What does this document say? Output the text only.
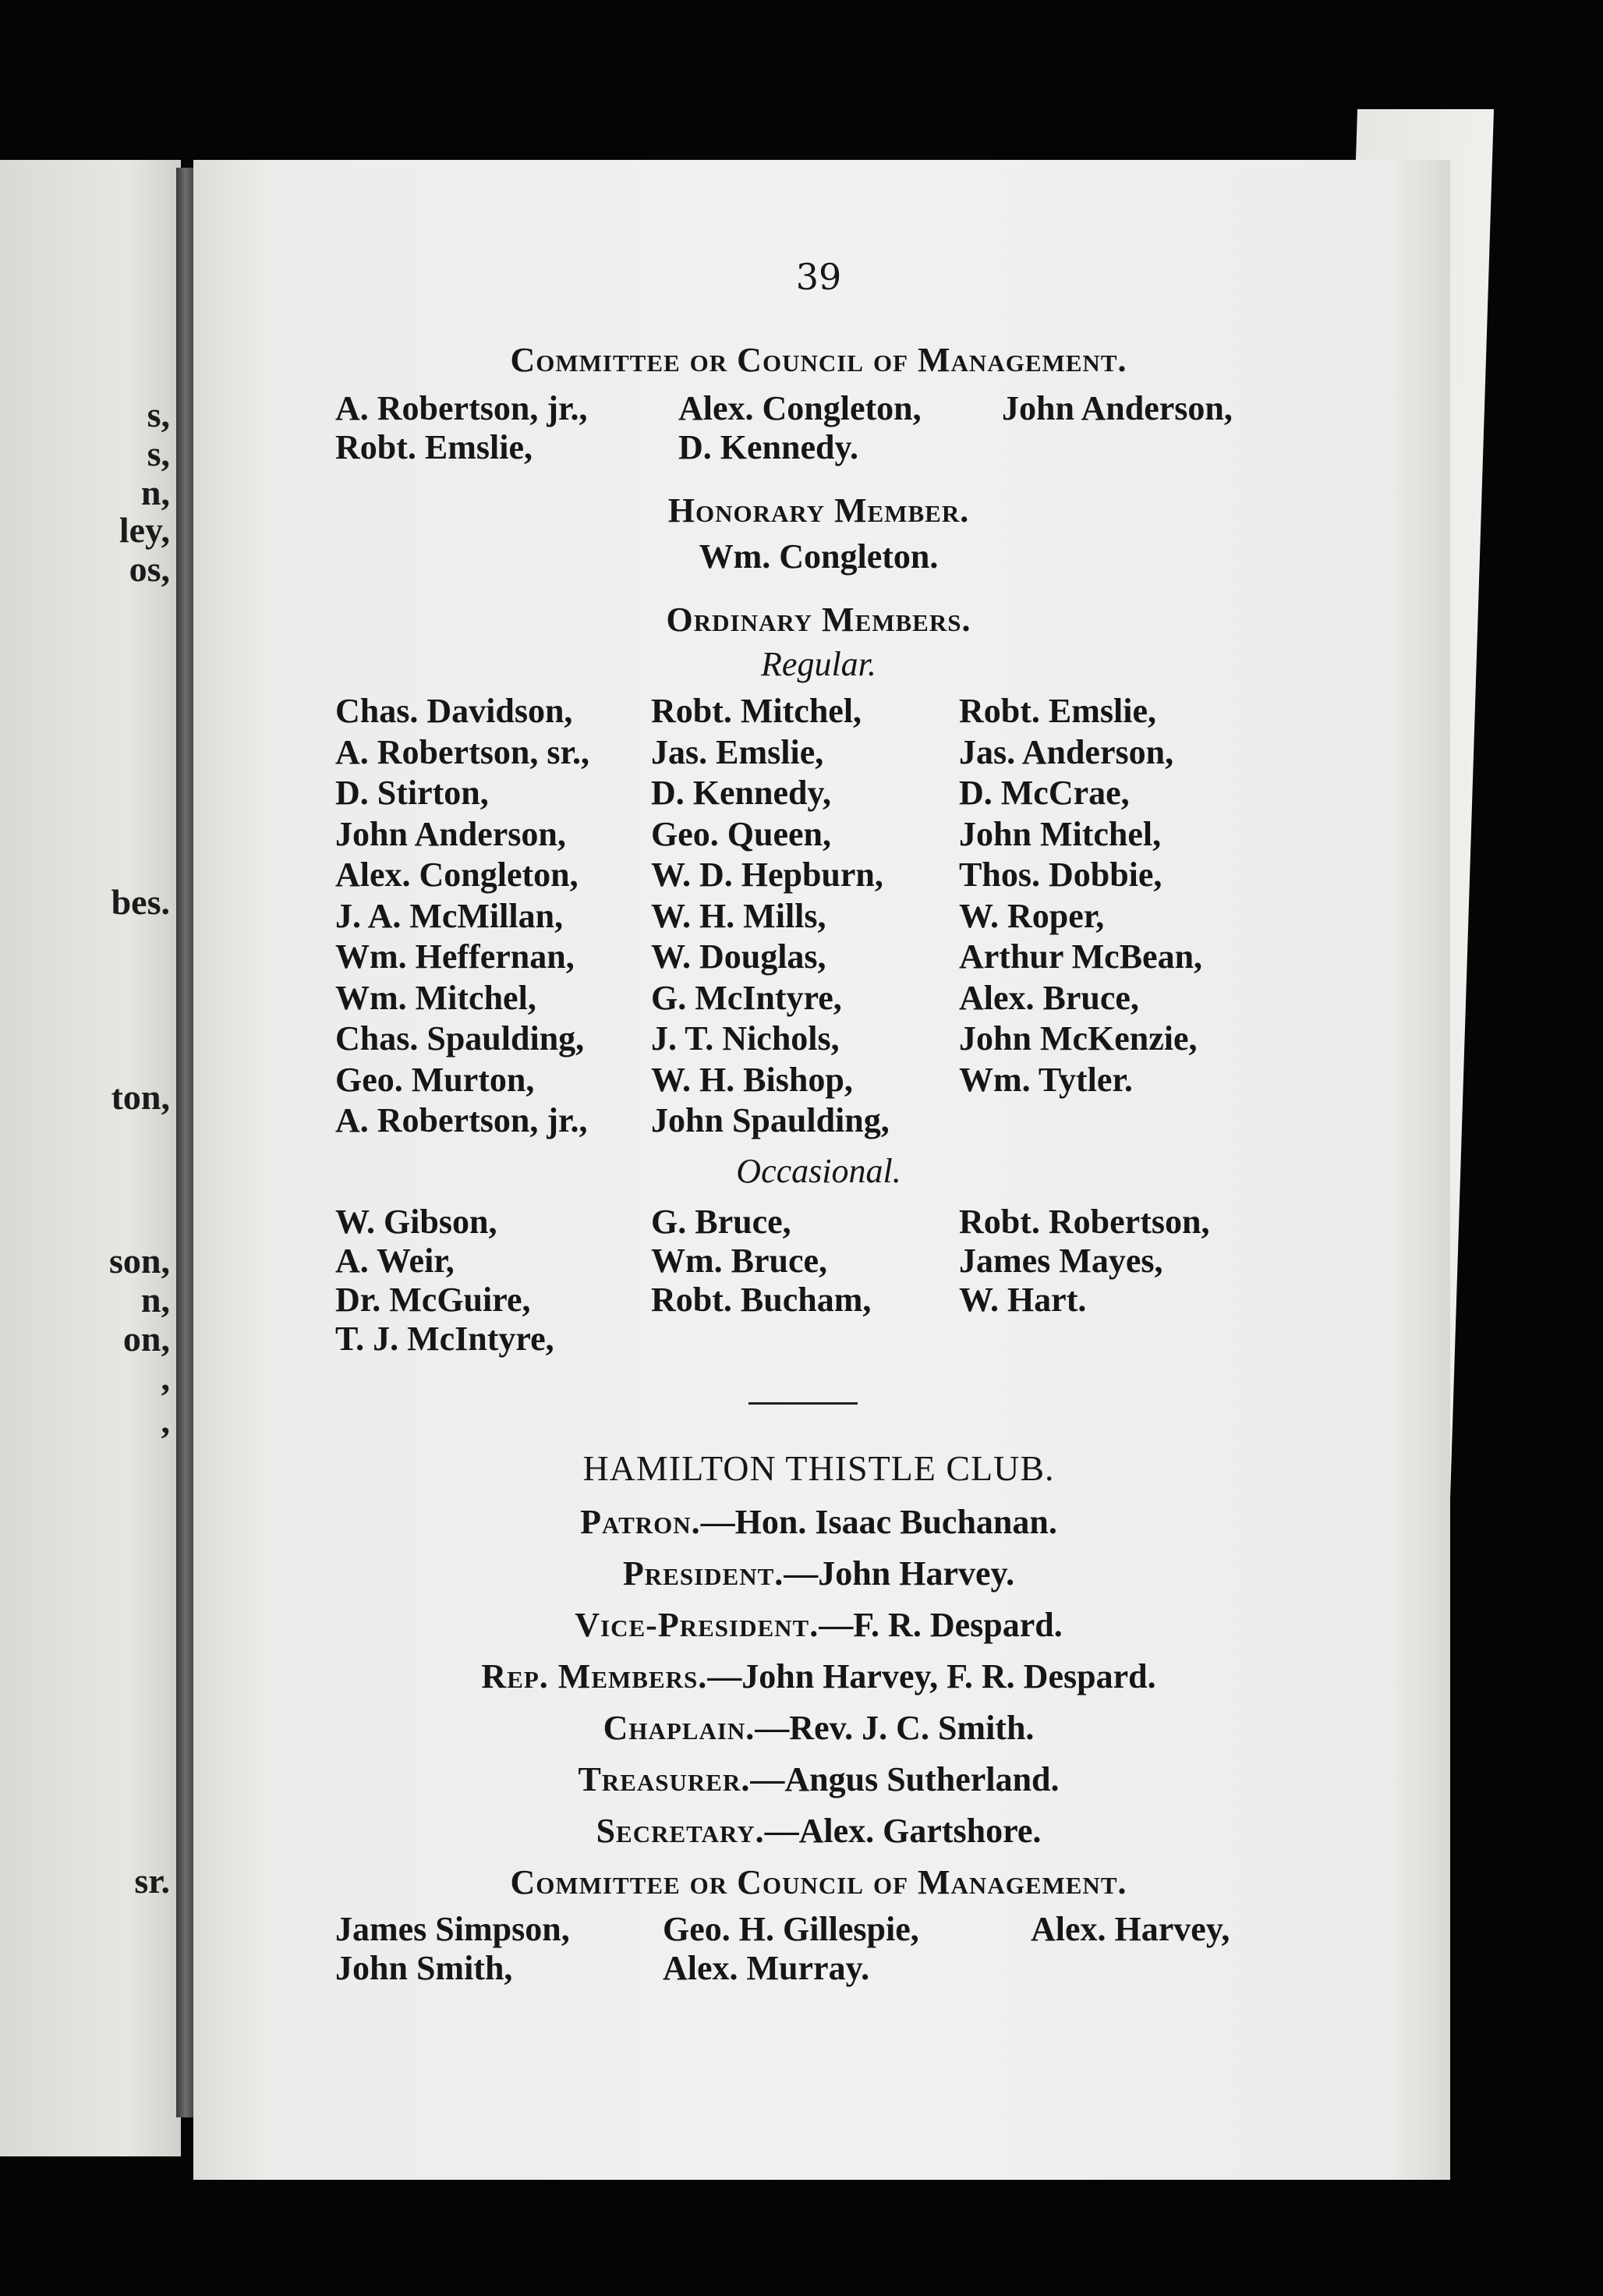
s,
s,
n,
ley,
os,
bes.
ton,
son,
n,
on,
,
,
sr.
39
Committee or Council of Management.
A. Robertson, jr.,	Alex. Congleton, John Anderson,
Robt. Emslie,	D. Kennedy.
Honorary Member.
Wm. Congleton.
Ordinary Members.
Regular.
Chas. Davidson, Robt. Mitchel,	Robt. Emslie,
A. Robertson, sr., Jas. Emslie,	Jas. Anderson,
D. Stirton,	D. Kennedy,	D. McCrae,
John Anderson, Geo. Queen,	John Mitchel,
Alex. Congleton, W. D. Hepburn, Thos. Dobbie,
J. A. McMillan,	W. H. Mills,	W. Roper,
Wm. Heffernan, W. Douglas,	Arthur McBean,
Wm. Mitchel,	G. McIntyre,	Alex. Bruce,
Chas. Spaulding, J. T. Nichols,	John McKenzie,
Geo. Murton,	W. H. Bishop,	Wm. Tytler.
A. Robertson, jr., John Spaulding,
Occasional.
W. Gibson,	G. Bruce,	Robt. Robertson,
A. Weir,	Wm. Bruce,	James Mayes,
Dr. McGuire,	Robt. Bucham,	W. Hart.
T. J. McIntyre,
HAMILTON THISTLE CLUB.
Patron.—Hon. Isaac Buchanan.
President.—John Harvey.
Vice-President.—F. R. Despard.
Rep. Members.—John Harvey, F. R. Despard.
Chaplain.—Rev. J. C. Smith.
Treasurer.—Angus Sutherland.
Secretary.—Alex. Gartshore.
Committee or Council of Management.
James Simpson,	Geo. H. Gillespie,	Alex. Harvey,
John Smith,	Alex. Murray.
